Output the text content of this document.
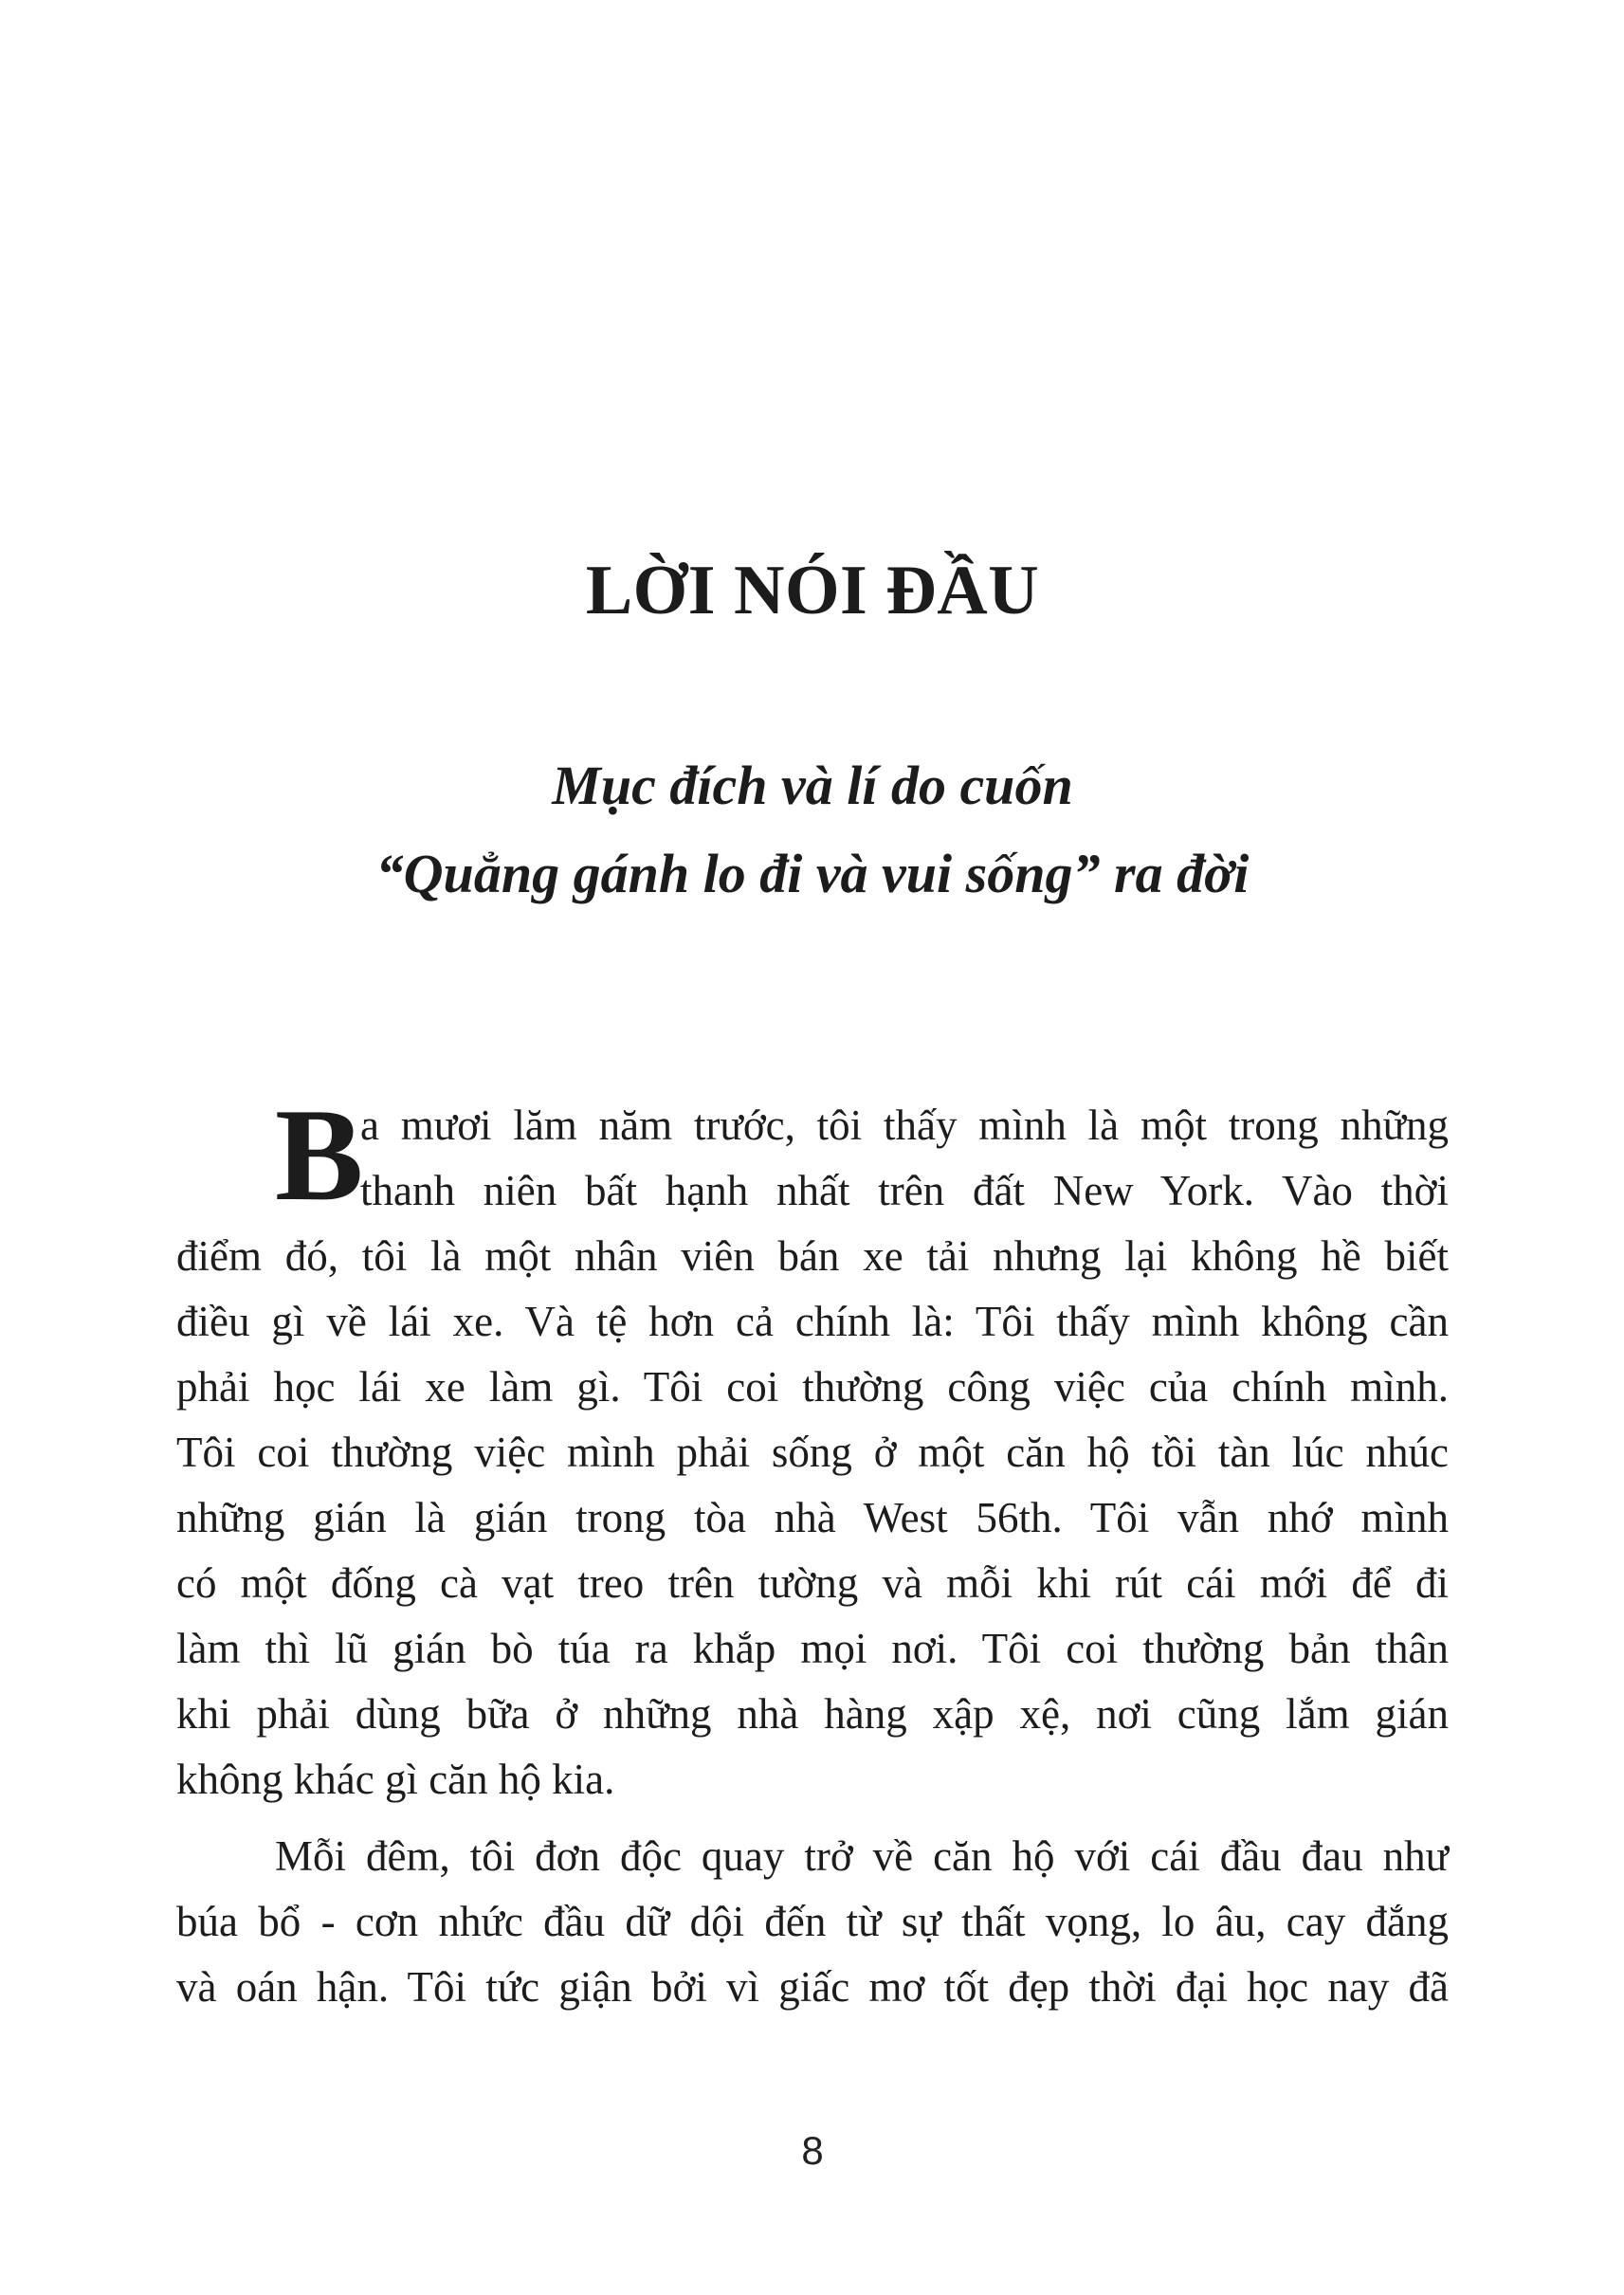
LỜI NÓI ĐẦU
Mục đích và lí do cuốn
“Quẳng gánh lo đi và vui sống” ra đời
B
a mươi lăm năm trước, tôi thấy mình là một trong những
thanh niên bất hạnh nhất trên đất New York. Vào thời
điểm đó, tôi là một nhân viên bán xe tải nhưng lại không hề biết
điều gì về lái xe. Và tệ hơn cả chính là: Tôi thấy mình không cần
phải học lái xe làm gì. Tôi coi thường công việc của chính mình.
Tôi coi thường việc mình phải sống ở một căn hộ tồi tàn lúc nhúc
những gián là gián trong tòa nhà West 56th. Tôi vẫn nhớ mình
có một đống cà vạt treo trên tường và mỗi khi rút cái mới để đi
làm thì lũ gián bò túa ra khắp mọi nơi. Tôi coi thường bản thân
khi phải dùng bữa ở những nhà hàng xập xệ, nơi cũng lắm gián
không khác gì căn hộ kia.
Mỗi đêm, tôi đơn độc quay trở về căn hộ với cái đầu đau như
búa bổ - cơn nhức đầu dữ dội đến từ sự thất vọng, lo âu, cay đắng
và oán hận. Tôi tức giận bởi vì giấc mơ tốt đẹp thời đại học nay đã
8
